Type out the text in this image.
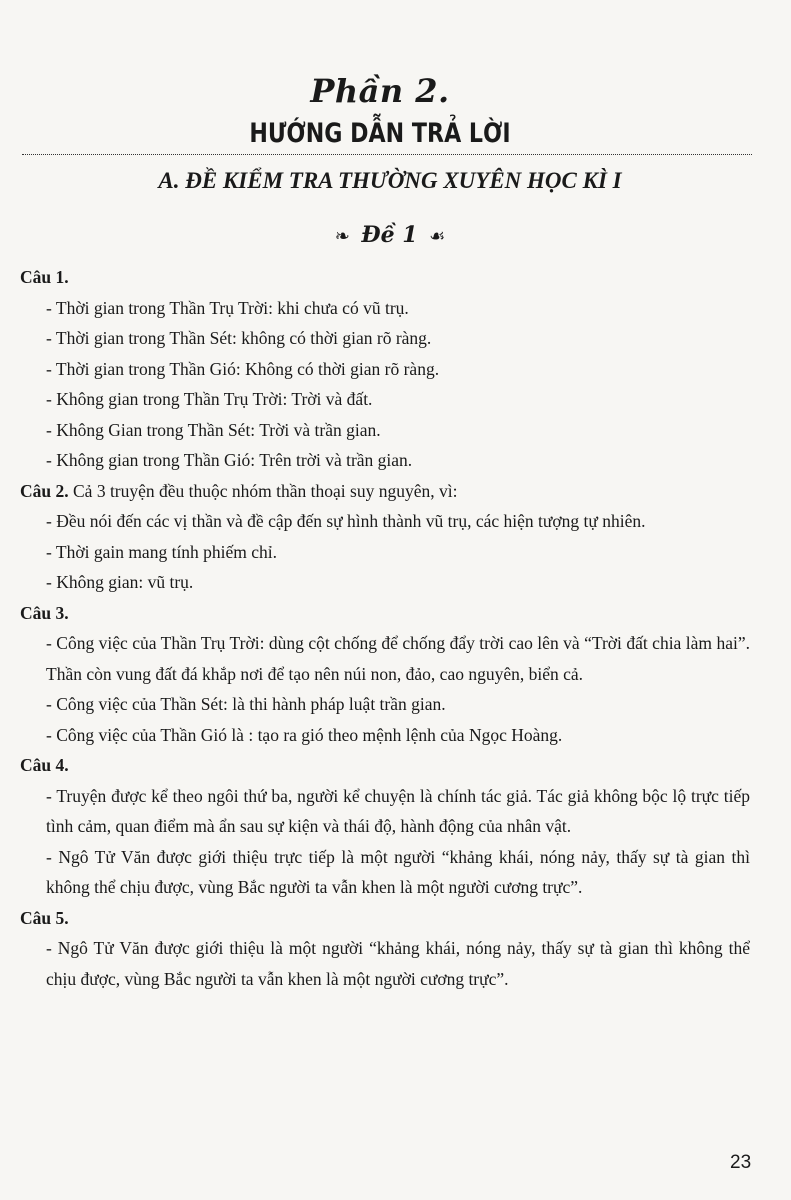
Phần 2.
HƯỚNG DẪN TRẢ LỜI
A. ĐỀ KIỂM TRA THƯỜNG XUYÊN HỌC KÌ I
❧ Đề 1 ☙

Câu 1.

- Thời gian trong Thần Trụ Trời: khi chưa có vũ trụ.

- Thời gian trong Thần Sét: không có thời gian rõ ràng.

- Thời gian trong Thần Gió: Không có thời gian rõ ràng.

- Không gian trong Thần Trụ Trời: Trời và đất.

- Không Gian trong Thần Sét: Trời và trần gian.

- Không gian trong Thần Gió: Trên trời và trần gian.

Câu 2. Cả 3 truyện đều thuộc nhóm thần thoại suy nguyên, vì:

- Đều nói đến các vị thần và đề cập đến sự hình thành vũ trụ, các hiện tượng tự nhiên.

- Thời gain mang tính phiếm chỉ.

- Không gian: vũ trụ.

Câu 3.

- Công việc của Thần Trụ Trời: dùng cột chống để chống đẩy trời cao lên và “Trời đất chia làm hai”. Thần còn vung đất đá khắp nơi để tạo nên núi non, đảo, cao nguyên, biển cả.

- Công việc của Thần Sét: là thi hành pháp luật trần gian.

- Công việc của Thần Gió là : tạo ra gió theo mệnh lệnh của Ngọc Hoàng.

Câu 4.

- Truyện được kể theo ngôi thứ ba, người kể chuyện là chính tác giả. Tác giả không bộc lộ trực tiếp tình cảm, quan điểm mà ẩn sau sự kiện và thái độ, hành động của nhân vật.

- Ngô Tử Văn được giới thiệu trực tiếp là một người “khảng khái, nóng nảy, thấy sự tà gian thì không thể chịu được, vùng Bắc người ta vẫn khen là một người cương trực”.

Câu 5.

- Ngô Tử Văn được giới thiệu là một người “khảng khái, nóng nảy, thấy sự tà gian thì không thể chịu được, vùng Bắc người ta vẫn khen là một người cương trực”.

23
